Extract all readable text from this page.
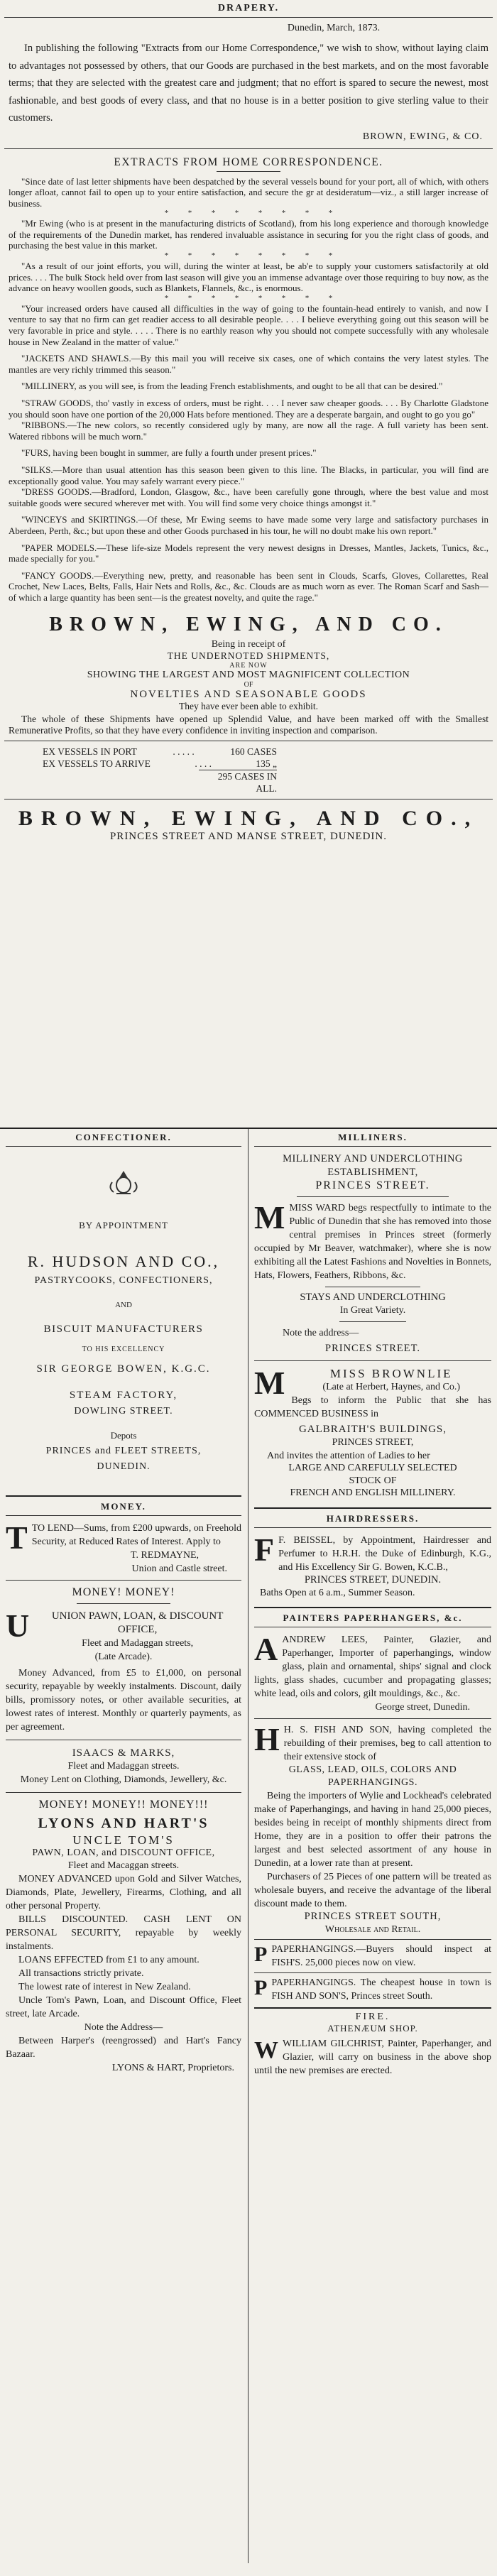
DRAPERY.
Dunedin, March, 1873.

In publishing the following "Extracts from our Home Correspondence," we wish to show, without laying claim to advantages not possessed by others, that our Goods are purchased in the best markets, and on the most favorable terms; that they are selected with the greatest care and judgment; that no effort is spared to secure the newest, most fashionable, and best goods of every class, and that no house is in a better position to give sterling value to their customers.

BROWN, EWING, & CO.
EXTRACTS FROM HOME CORRESPONDENCE.

"Since date of last letter shipments have been despatched by the several vessels bound for your port, all of which, with others longer afloat, cannot fail to open up to your entire satisfaction, and secure the gr at desideratum—viz., a still larger increase of business.

*          *          *          *          *          *          *          *

"Mr Ewing (who is at present in the manufacturing districts of Scotland), from his long experience and thorough knowledge of the requirements of the Dunedin market, has rendered invaluable assistance in securing for you the right class of goods, and purchasing the best value in this market.

*          *          *          *          *          *          *          *

"As a result of our joint efforts, you will, during the winter at least, be ab'e to supply your customers satisfactorily at old prices. . . . The bulk Stock held over from last season will give you an immense advantage over those requiring to buy now, as the advance on heavy woollen goods, such as Blankets, Flannels, &c., is enormous.

*          *          *          *          *          *          *          *

"Your increased orders have caused all difficulties in the way of going to the fountain-head entirely to vanish, and now I venture to say that no firm can get readier access to all desirable people. . . . I believe everything going out this season will be very favorable in price and style. . . . . There is no earthly reason why you should not compete successfully with any wholesale house in New Zealand in the matter of value."

"JACKETS AND SHAWLS.—By this mail you will receive six cases, one of which contains the very latest styles. The mantles are very richly trimmed this season."

"MILLINERY, as you will see, is from the leading French establishments, and ought to be all that can be desired."

"STRAW GOODS, tho' vastly in excess of orders, must be right. . . . I never saw cheaper goods. . . . By Charlotte Gladstone you should soon have one portion of the 20,000 Hats before mentioned. They are a desperate bargain, and ought to go you go"

"RIBBONS.—The new colors, so recently considered ugly by many, are now all the rage. A full variety has been sent. Watered ribbons will be much worn."

"FURS, having been bought in summer, are fully a fourth under present prices."

"SILKS.—More than usual attention has this season been given to this line. The Blacks, in particular, you will find are exceptionally good value. You may safely warrant every piece."

"DRESS GOODS.—Bradford, London, Glasgow, &c., have been carefully gone through, where the best value and most suitable goods were secured wherever met with. You will find some very choice things amongst it."

"WINCEYS and SKIRTINGS.—Of these, Mr Ewing seems to have made some very large and satisfactory purchases in Aberdeen, Perth, &c.; but upon these and other Goods purchased in his tour, he will no doubt make his own report."

"PAPER MODELS.—These life-size Models represent the very newest designs in Dresses, Mantles, Jackets, Tunics, &c., made specially for you."

"FANCY GOODS.—Everything new, pretty, and reasonable has been sent in Clouds, Scarfs, Gloves, Collarettes, Real Crochet, New Laces, Belts, Falls, Hair Nets and Rolls, &c., &c. Clouds are as much worn as ever. The Roman Scarf and Sash—of which a large quantity has been sent—is the greatest novelty, and quite the rage."

BROWN, EWING, AND CO.
Being in receipt of
THE UNDERNOTED SHIPMENTS,
ARE NOW
SHOWING THE LARGEST AND MOST MAGNIFICENT COLLECTION
OF
NOVELTIES AND SEASONABLE GOODS
They have ever been able to exhibit.

The whole of these Shipments have opened up Splendid Value, and have been marked off with the Smallest Remunerative Profits, so that they have every confidence in inviting inspection and comparison.

EX VESSELS IN PORT	. . . . .	160 CASES
EX VESSELS TO ARRIVE	. . . .	135 „
295 CASES IN ALL.
BROWN, EWING, AND CO.,
PRINCES STREET AND MANSE STREET, DUNEDIN.
CONFECTIONER.
BY APPOINTMENT
R. HUDSON AND CO.,
PASTRYCOOKS, CONFECTIONERS,
AND
BISCUIT MANUFACTURERS
TO HIS EXCELLENCY
SIR GEORGE BOWEN, K.G.C.
STEAM FACTORY,
DOWLING STREET.
Depots
PRINCES and FLEET STREETS,
DUNEDIN.
MONEY.

TTO LEND—Sums, from £200 upwards, on Freehold Security, at Reduced Rates of Interest. Apply to

T. REDMAYNE,
Union and Castle street.
MONEY! MONEY!

U	UNION PAWN, LOAN, & DISCOUNT OFFICE,

Fleet and Madaggan streets,
(Late Arcade).

Money Advanced, from £5 to £1,000, on personal security, repayable by weekly instalments. Discount, daily bills, promissory notes, or other available securities, at lowest rates of interest. Monthly or quarterly payments, as per agreement.

ISAACS & MARKS,
Fleet and Madaggan streets.
Money Lent on Clothing, Diamonds, Jewellery, &c.
MONEY! MONEY!! MONEY!!!
LYONS AND HART'S
UNCLE TOM'S
PAWN, LOAN, and DISCOUNT OFFICE,
Fleet and Macaggan streets.

MONEY ADVANCED upon Gold and Silver Watches, Diamonds, Plate, Jewellery, Firearms, Clothing, and all other personal Property.

BILLS DISCOUNTED. CASH LENT ON PERSONAL SECURITY, repayable by weekly instalments.

LOANS EFFECTED from £1 to any amount.

All transactions strictly private.

The lowest rate of interest in New Zealand.

Uncle Tom's Pawn, Loan, and Discount Office, Fleet street, late Arcade.

Note the Address—

Between Harper's (reengrossed) and Hart's Fancy Bazaar.

LYONS & HART, Proprietors.
MILLINERS.
MILLINERY AND UNDERCLOTHING ESTABLISHMENT,
PRINCES STREET.

MMISS WARD begs respectfully to intimate to the Public of Dunedin that she has removed into those central premises in Princes street (formerly occupied by Mr Beaver, watchmaker), where she is now exhibiting all the Latest Fashions and Novelties in Bonnets, Hats, Flowers, Feathers, Ribbons, &c.

STAYS AND UNDERCLOTHING
In Great Variety.
Note the address—
PRINCES STREET.

M	MISS BROWNLIE

(Late at Herbert, Haynes, and Co.)

Begs to inform the Public that she has COMMENCED BUSINESS in

GALBRAITH'S BUILDINGS,
PRINCES STREET,

And invites the attention of Ladies to her

LARGE AND CAREFULLY SELECTED
STOCK OF
FRENCH AND ENGLISH MILLINERY.
HAIRDRESSERS.

F F. BEISSEL, by Appointment, Hairdresser and Perfumer to H.R.H. the Duke of Edinburgh, K.G., and His Excellency Sir G. Bowen, K.C.B.,

PRINCES STREET, DUNEDIN.
Baths Open at 6 a.m., Summer Season.
PAINTERS PAPERHANGERS, &c.

AANDREW LEES, Painter, Glazier, and Paperhanger, Importer of paperhangings, window glass, plain and ornamental, ships' signal and clock lights, glass shades, cucumber and propagating glasses; white lead, oils and colors, gilt mouldings, &c., &c.

George street, Dunedin.

H H. S. FISH AND SON, having completed the rebuilding of their premises, beg to call attention to their extensive stock of

GLASS, LEAD, OILS, COLORS AND PAPERHANGINGS.

Being the importers of Wylie and Lockhead's celebrated make of Paperhangings, and having in hand 25,000 pieces, besides being in receipt of monthly shipments direct from Home, they are in a position to offer their patrons the largest and best selected assortment of any house in Dunedin, at a lower rate than at present.

Purchasers of 25 Pieces of one pattern will be treated as wholesale buyers, and receive the advantage of the liberal discount made to them.

PRINCES STREET SOUTH,
Wholesale and Retail.

PPAPERHANGINGS.—Buyers should inspect at FISH'S. 25,000 pieces now on view.

PPAPERHANGINGS. The cheapest house in town is FISH AND SON'S, Princes street South.

FIRE.
ATHENÆUM SHOP.

WWILLIAM GILCHRIST, Painter, Paperhanger, and Glazier, will carry on business in the above shop until the new premises are erected.
